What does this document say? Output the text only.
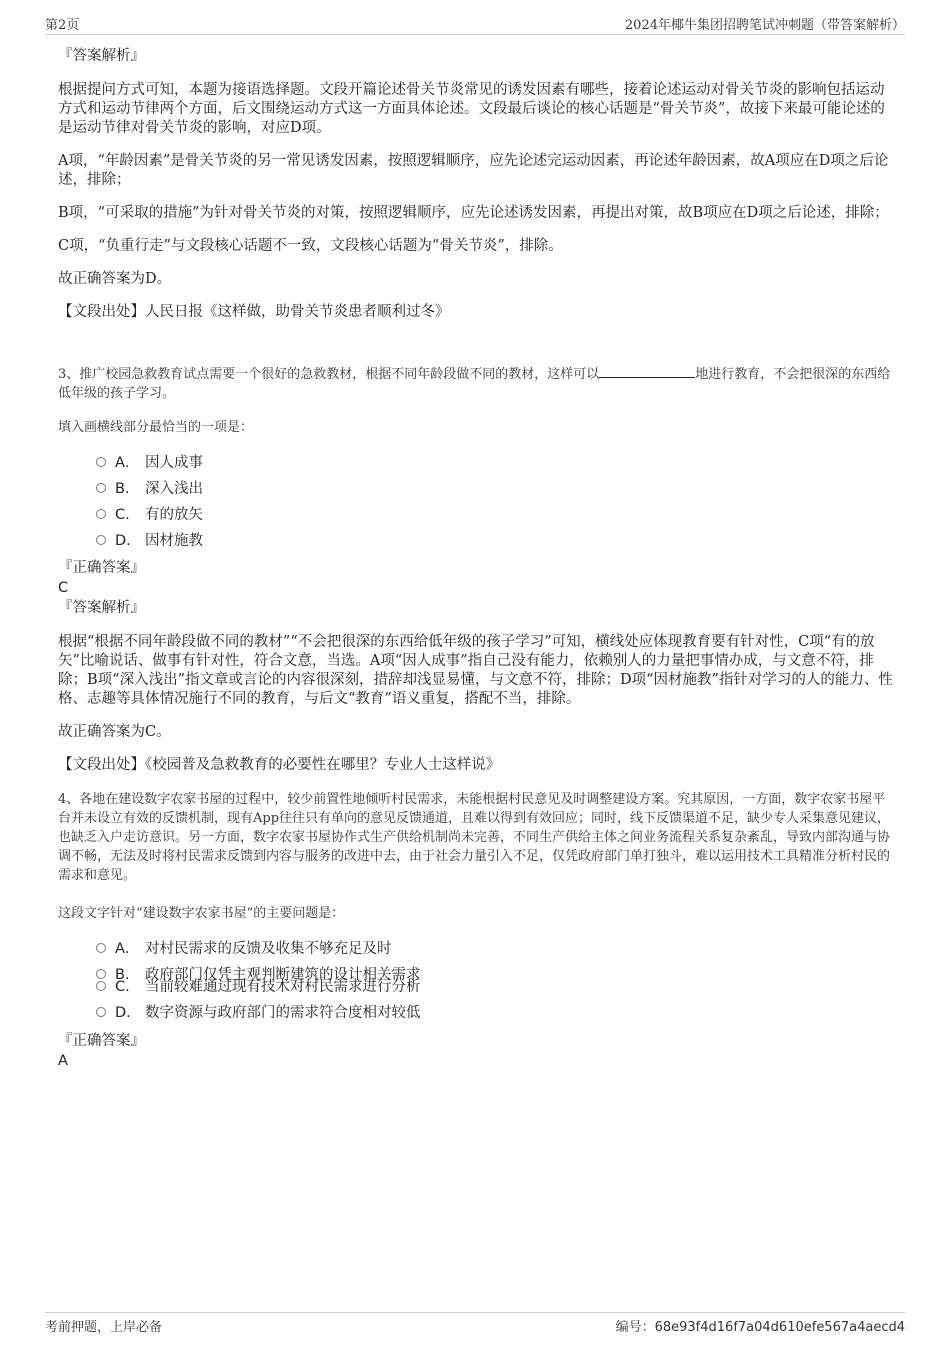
第2页	2024年椰牛集团招聘笔试冲刺题（带答案解析）
『答案解析』

根据提问方式可知，本题为接语选择题。文段开篇论述骨关节炎常见的诱发因素有哪些，接着论述运动对骨关节炎的影响包括运动方式和运动节律两个方面，后文围绕运动方式这一方面具体论述。文段最后谈论的核心话题是“骨关节炎”，故接下来最可能论述的是运动节律对骨关节炎的影响，对应D项。

A项，“年龄因素”是骨关节炎的另一常见诱发因素，按照逻辑顺序，应先论述完运动因素，再论述年龄因素，故A项应在D项之后论述，排除；

B项，“可采取的措施”为针对骨关节炎的对策，按照逻辑顺序，应先论述诱发因素，再提出对策，故B项应在D项之后论述，排除；

C项，“负重行走”与文段核心话题不一致，文段核心话题为“骨关节炎”，排除。

故正确答案为D。

【文段出处】人民日报《这样做，助骨关节炎患者顺利过冬》

3、推广校园急救教育试点需要一个很好的急救教材，根据不同年龄段做不同的教材，这样可以	地进行教育，不会把很深的东西给低年级的孩子学习。

填入画横线部分最恰当的一项是：

A． 因人成事
B. 深入浅出
C. 有的放矢
D. 因材施教
『正确答案』
C
『答案解析』

根据“根据不同年龄段做不同的教材”“不会把很深的东西给低年级的孩子学习”可知，横线处应体现教育要有针对性，C项“有的放矢”比喻说话、做事有针对性，符合文意，当选。A项“因人成事”指自己没有能力，依赖别人的力量把事情办成，与文意不符，排除；B项“深入浅出”指文章或言论的内容很深刻，措辞却浅显易懂，与文意不符，排除；D项“因材施教”指针对学习的人的能力、性格、志趣等具体情况施行不同的教育，与后文“教育”语义重复，搭配不当，排除。

故正确答案为C。

【文段出处】《校园普及急救教育的必要性在哪里？专业人士这样说》

4、各地在建设数字农家书屋的过程中，较少前置性地倾听村民需求，未能根据村民意见及时调整建设方案。究其原因，一方面，数字农家书屋平台并未设立有效的反馈机制，现有App往往只有单向的意见反馈通道，且难以得到有效回应；同时，线下反馈渠道不足，缺少专人采集意见建议，也缺乏入户走访意识。另一方面，数字农家书屋协作式生产供给机制尚未完善，不同生产供给主体之间业务流程关系复杂紊乱，导致内部沟通与协调不畅，无法及时将村民需求反馈到内容与服务的改进中去，由于社会力量引入不足，仅凭政府部门单打独斗，难以运用技术工具精准分析村民的需求和意见。

这段文字针对“建设数字农家书屋”的主要问题是：

A． 对村民需求的反馈及收集不够充足及时
B. 政府部门仅凭主观判断建筑的设计相关需求
C. 当前较难通过现有技术对村民需求进行分析
D. 数字资源与政府部门的需求符合度相对较低
『正确答案』
A
考前押题，上岸必备	编号：68e93f4d16f7a04d610efe567a4aecd4
